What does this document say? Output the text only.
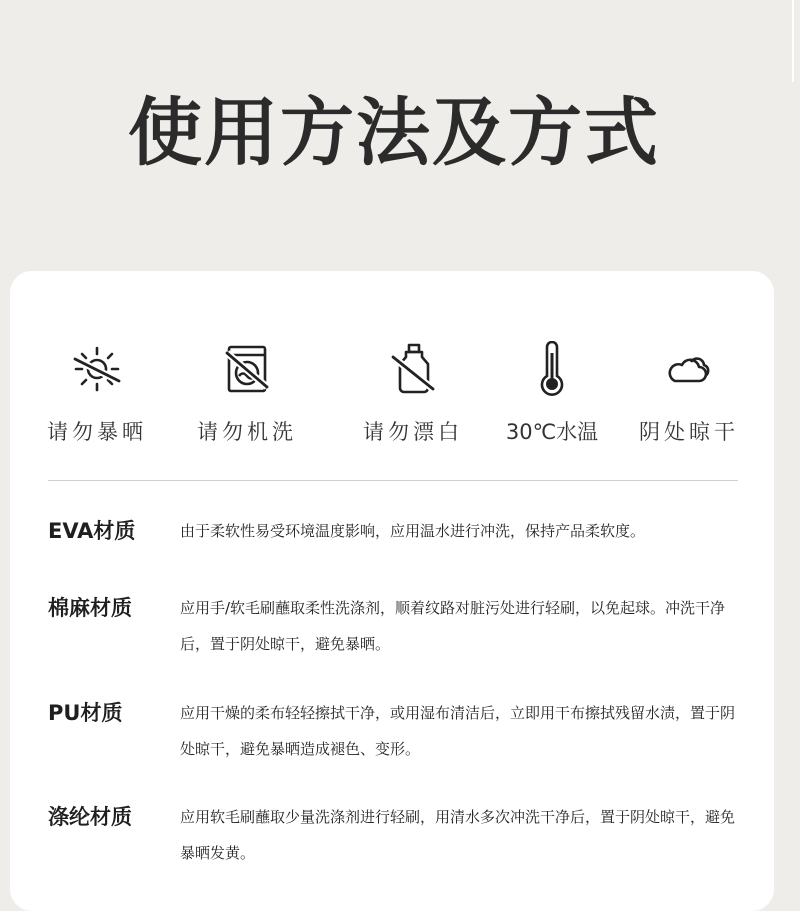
使用方法及方式
请勿暴晒	请勿机洗	请勿漂白	30℃水温	阴处晾干
EVA材质	由于柔软性易受环境温度影响，应用温水进行冲洗，保持产品柔软度。
棉麻材质	应用手/软毛刷蘸取柔性洗涤剂，顺着纹路对脏污处进行轻刷，以免起球。冲洗干净后，置于阴处晾干，避免暴晒。
PU材质	应用干燥的柔布轻轻擦拭干净，或用湿布清洁后，立即用干布擦拭残留水渍，置于阴处晾干，避免暴晒造成褪色、变形。
涤纶材质	应用软毛刷蘸取少量洗涤剂进行轻刷，用清水多次冲洗干净后，置于阴处晾干，避免暴晒发黄。
